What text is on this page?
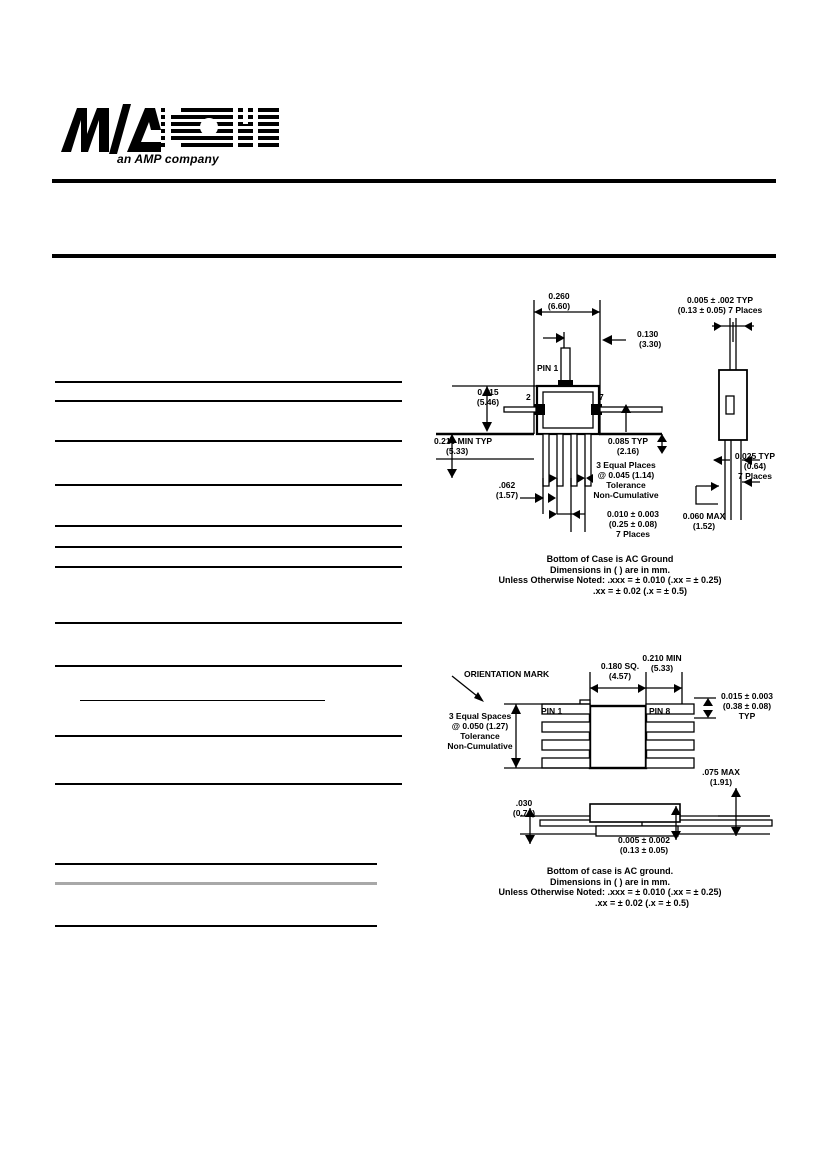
an AMP company
0.260
(6.60)
0.130
(3.30)
PIN 1
0.215
(5.46)	2	7
0.210 MIN TYP
(5.33)
0.085 TYP
(2.16)
3 Equal Places
@ 0.045 (1.14)
Tolerance
Non-Cumulative
0.010 ± 0.003
(0.25 ± 0.08)
7 Places
.062
(1.57)
0.005 ± .002 TYP
(0.13 ± 0.05) 7 Places
0.025 TYP
(0.64)
7 Places
0.060 MAX
(1.52)
Bottom of Case is AC Ground
Dimensions in ( ) are in mm.
Unless Otherwise Noted: .xxx = ± 0.010 (.xx = ± 0.25)
.xx = ± 0.02 (.x = ± 0.5)
ORIENTATION MARK
0.180 SQ.
(4.57)
0.210 MIN
(5.33)
PIN 1	PIN 8
0.015 ± 0.003
(0.38 ± 0.08)
TYP
3 Equal Spaces
@ 0.050 (1.27)
Tolerance
Non-Cumulative
.075 MAX
(1.91)
.030
(0.76)
0.005 ± 0.002
(0.13 ± 0.05)
Bottom of case is AC ground.
Dimensions in ( ) are in mm.
Unless Otherwise Noted: .xxx = ± 0.010 (.xx = ± 0.25)
.xx = ± 0.02 (.x = ± 0.5)
